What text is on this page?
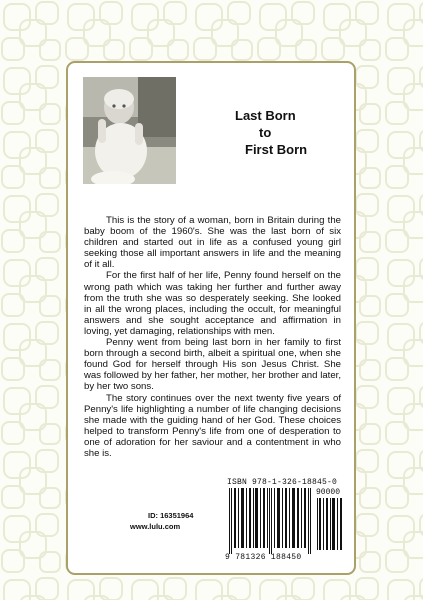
Last Born
to
First Born

This is the story of a woman, born in Britain during the baby boom of the 1960's. She was the last born of six children and started out in life as a confused young girl seeking those all important answers in life and the meaning of it all.

For the first half of her life, Penny found herself on the wrong path which was taking her further and further away from the truth she was so desperately seeking. She looked in all the wrong places, including the occult, for meaningful answers and she sought acceptance and affirmation in loving, yet damaging, relationships with men.

Penny went from being last born in her family to first born through a second birth, albeit a spiritual one, when she found God for herself through His son Jesus Christ. She was followed by her father, her mother, her brother and later, by her two sons.

The story continues over the next twenty five years of Penny's life highlighting a number of life changing decisions she made with the guiding hand of her God. These choices helped to transform Penny's life from one of desperation to one of adoration for her saviour and a contentment in who she is.

ID: 16351964
www.lulu.com
ISBN 978-1-326-18845-0
90000
9 781326 188450
